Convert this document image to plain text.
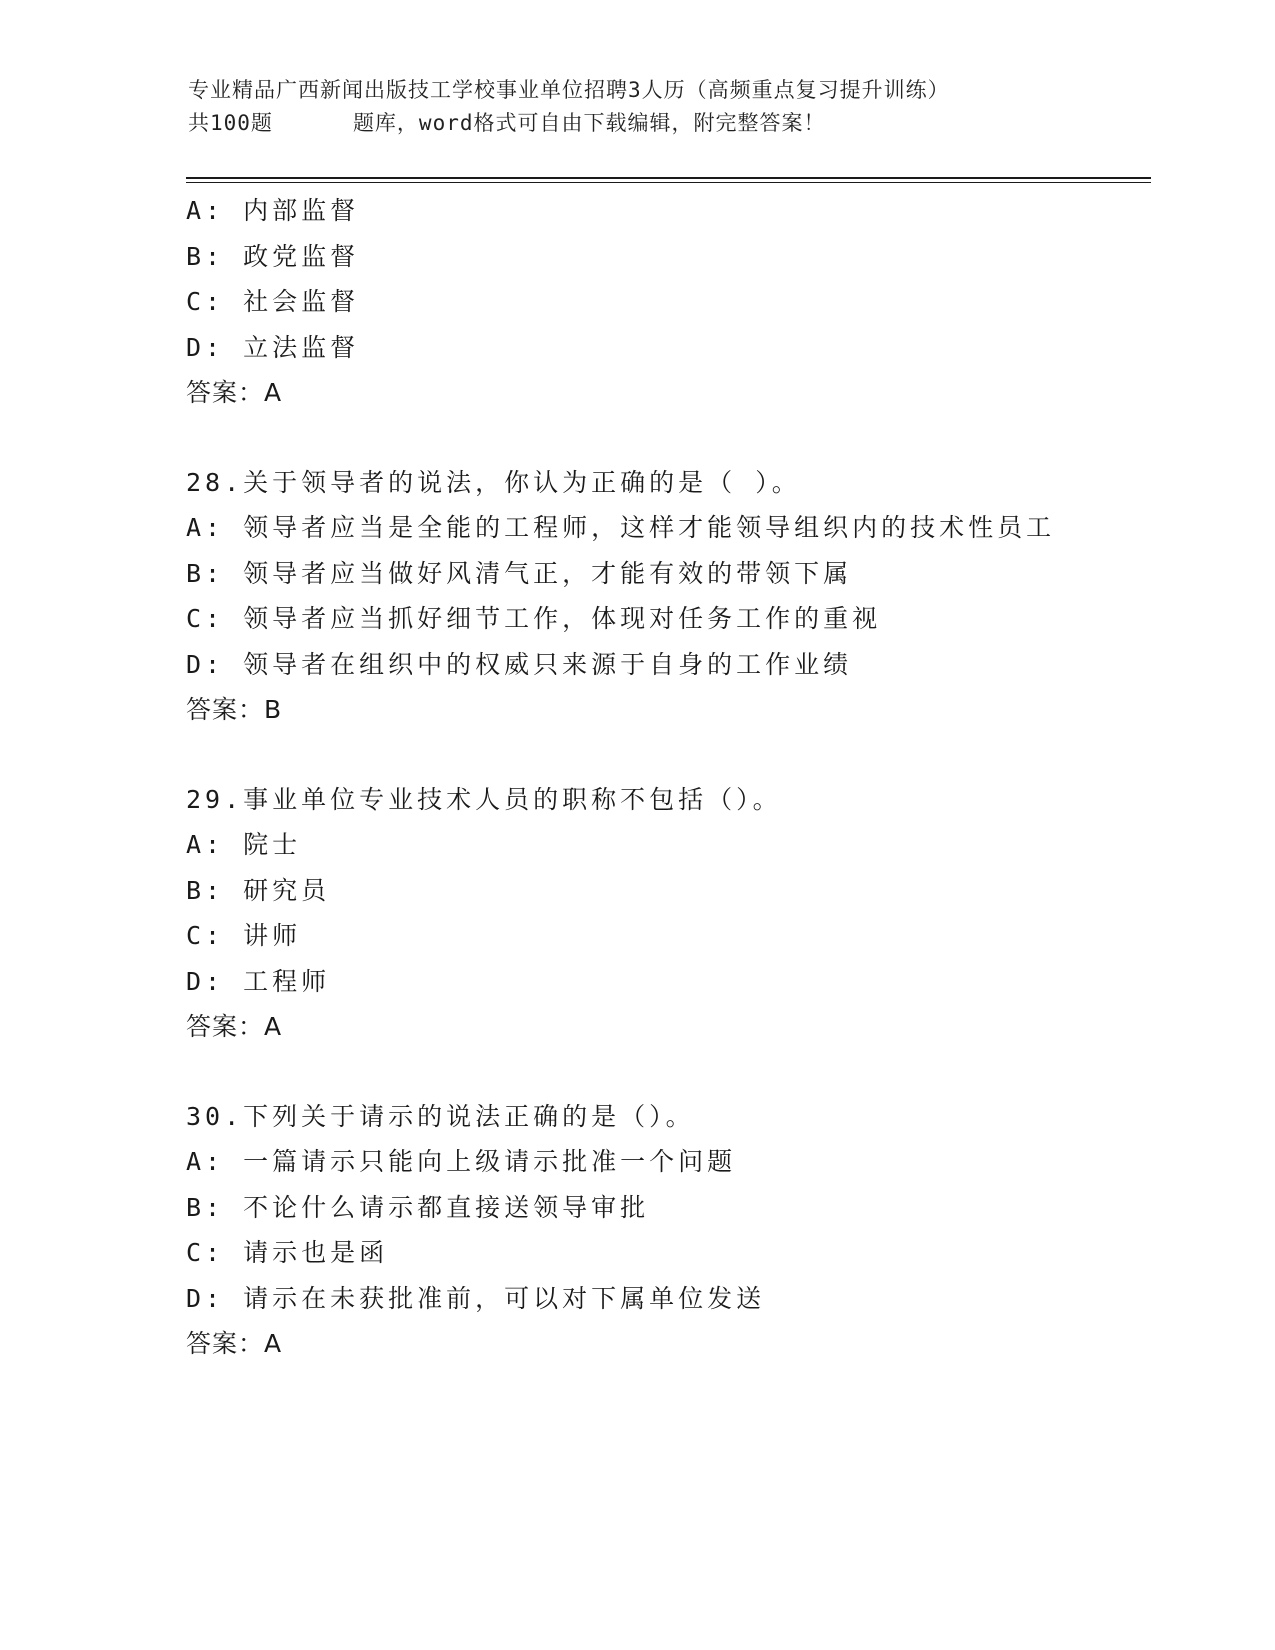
专业精品广西新闻出版技工学校事业单位招聘3人历（高频重点复习提升训练）
共100题	题库，word格式可自由下载编辑，附完整答案！
A: 内部监督
B: 政党监督
C: 社会监督
D: 立法监督
答案：A
28.关于领导者的说法，你认为正确的是（ ）。
A: 领导者应当是全能的工程师，这样才能领导组织内的技术性员工
B: 领导者应当做好风清气正，才能有效的带领下属
C: 领导者应当抓好细节工作，体现对任务工作的重视
D: 领导者在组织中的权威只来源于自身的工作业绩
答案：B
29.事业单位专业技术人员的职称不包括（）。
A: 院士
B: 研究员
C: 讲师
D: 工程师
答案：A
30.下列关于请示的说法正确的是（）。
A: 一篇请示只能向上级请示批准一个问题
B: 不论什么请示都直接送领导审批
C: 请示也是函
D: 请示在未获批准前，可以对下属单位发送
答案：A
